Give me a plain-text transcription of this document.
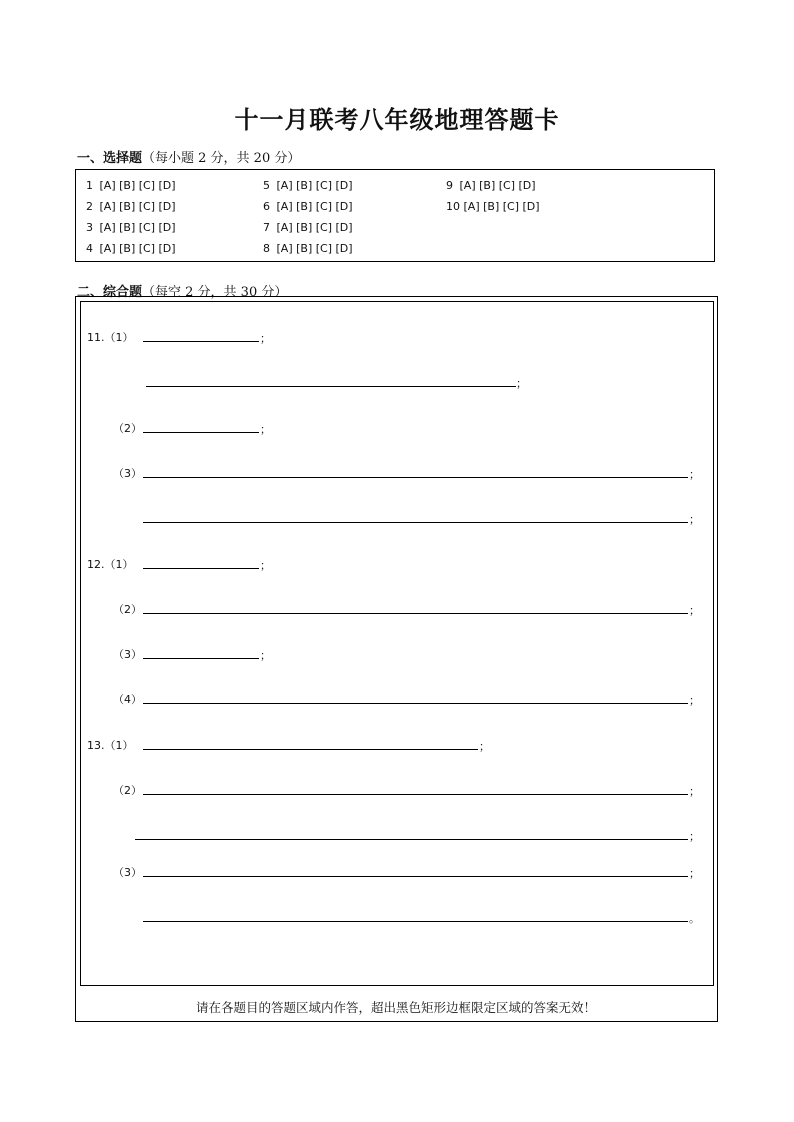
十一月联考八年级地理答题卡
一、选择题（每小题 2 分，共 20 分）
1 [A] [B] [C] [D]
2 [A] [B] [C] [D]
3 [A] [B] [C] [D]
4 [A] [B] [C] [D]
5 [A] [B] [C] [D]
6 [A] [B] [C] [D]
7 [A] [B] [C] [D]
8 [A] [B] [C] [D]
9 [A] [B] [C] [D]
10 [A] [B] [C] [D]
二、综合题（每空 2 分，共 30 分）
11.（1）	；
；
（2）	；
（3）	；
；
12.（1）	；
（2）	；
（3）	；
（4）	；
13.（1）	；
（2）	；
；
（3）	；
。
请在各题目的答题区域内作答，超出黑色矩形边框限定区域的答案无效！
